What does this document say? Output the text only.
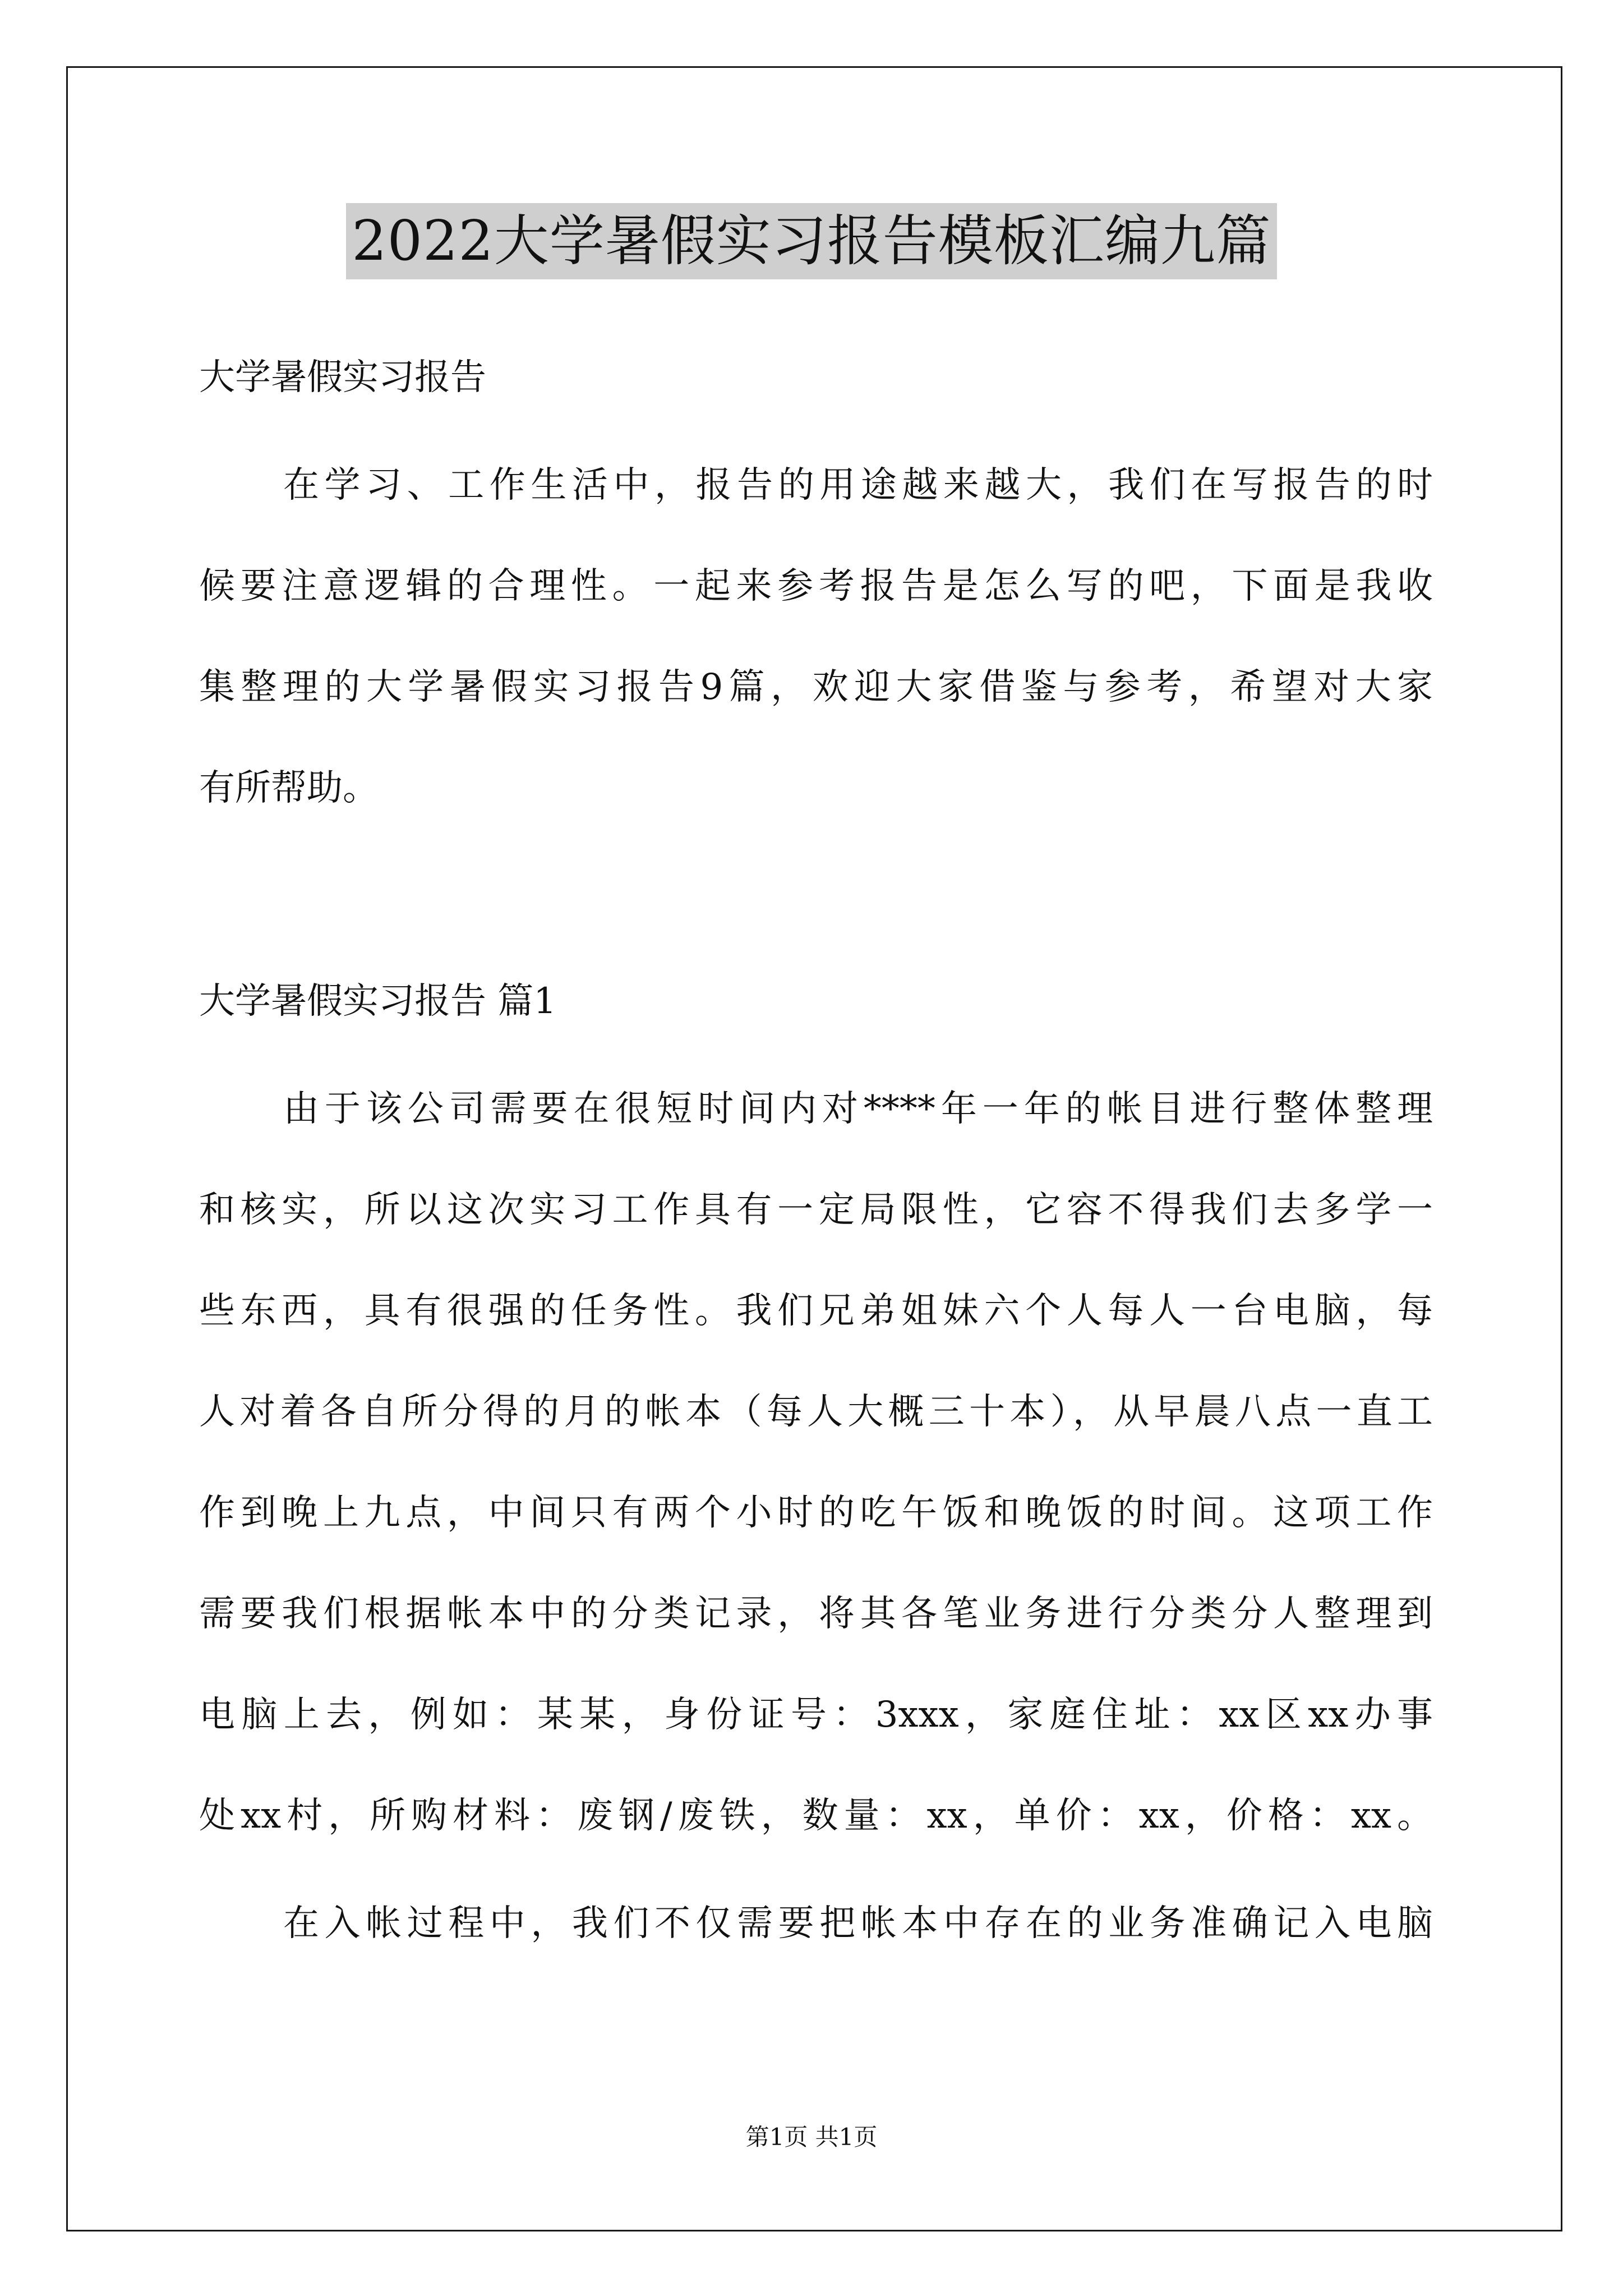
2022大学暑假实习报告模板汇编九篇
大学暑假实习报告
在学习、工作生活中，报告的用途越来越大，我们在写报告的时
候要注意逻辑的合理性。一起来参考报告是怎么写的吧，下面是我收
集整理的大学暑假实习报告9篇，欢迎大家借鉴与参考，希望对大家
有所帮助。
大学暑假实习报告 篇1
由于该公司需要在很短时间内对****年一年的帐目进行整体整理
和核实，所以这次实习工作具有一定局限性，它容不得我们去多学一
些东西，具有很强的任务性。我们兄弟姐妹六个人每人一台电脑，每
人对着各自所分得的月的帐本（每人大概三十本），从早晨八点一直工
作到晚上九点，中间只有两个小时的吃午饭和晚饭的时间。这项工作
需要我们根据帐本中的分类记录，将其各笔业务进行分类分人整理到
电脑上去，例如：某某，身份证号：3xxx，家庭住址：xx区xx办事
处xx村，所购材料：废钢/废铁，数量：xx，单价：xx，价格：xx。
在入帐过程中，我们不仅需要把帐本中存在的业务准确记入电脑
第1页 共1页
